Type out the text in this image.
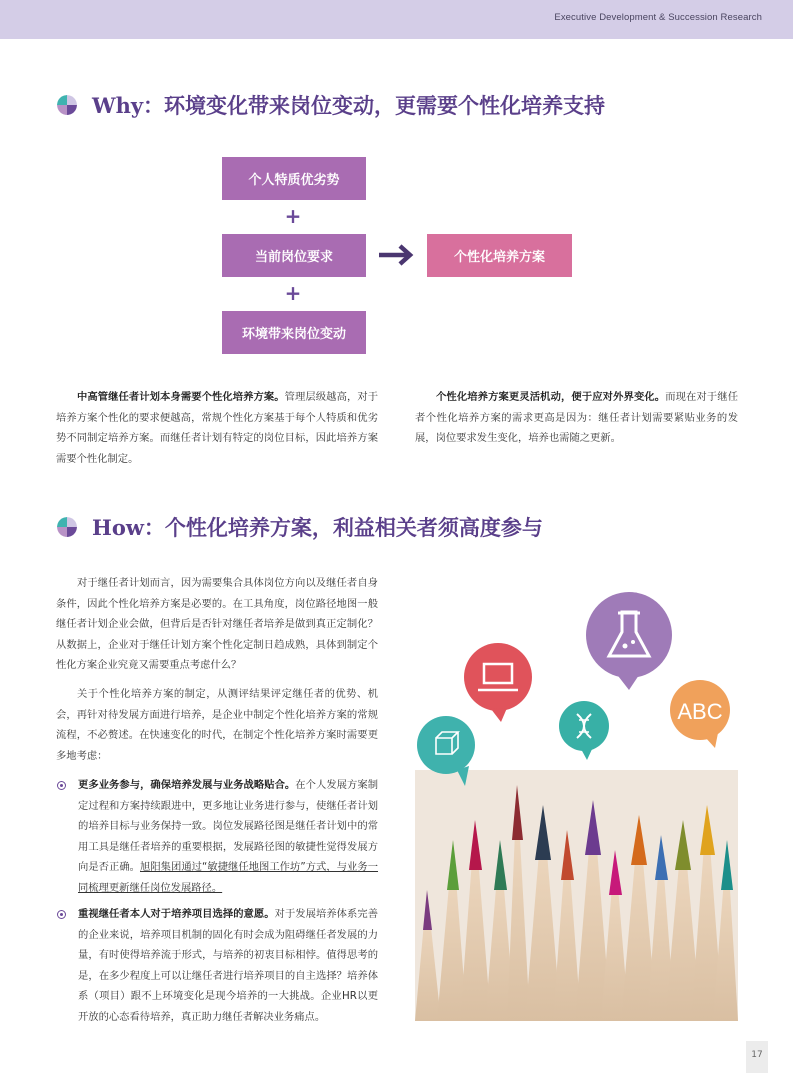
Executive Development & Succession Research
Why：环境变化带来岗位变动，更需要个性化培养支持
个人特质优劣势
+
当前岗位要求
+
环境带来岗位变动
个性化培养方案
中高管继任者计划本身需要个性化培养方案。管理层级越高，对于培养方案个性化的要求便越高，常规个性化方案基于每个人特质和优劣势不同制定培养方案。而继任者计划有特定的岗位目标，因此培养方案需要个性化制定。
个性化培养方案更灵活机动，便于应对外界变化。而现在对于继任者个性化培养方案的需求更高是因为：继任者计划需要紧贴业务的发展，岗位要求发生变化，培养也需随之更新。
How：个性化培养方案，利益相关者须高度参与
对于继任者计划而言，因为需要集合具体岗位方向以及继任者自身条件，因此个性化培养方案是必要的。在工具角度，岗位路径地图一般继任者计划企业会做，但背后是否针对继任者培养是做到真正定制化？从数据上，企业对于继任计划方案个性化定制日趋成熟，具体到制定个性化方案企业究竟又需要重点考虑什么？
关于个性化培养方案的制定，从测评结果评定继任者的优势、机会，再针对待发展方面进行培养，是企业中制定个性化培养方案的常规流程，不必赘述。在快速变化的时代，在制定个性化培养方案时需要更多地考虑：
更多业务参与，确保培养发展与业务战略贴合。在个人发展方案制定过程和方案持续跟进中，更多地让业务进行参与，使继任者计划的培养目标与业务保持一致。岗位发展路径图是继任者计划中的常用工具是继任者培养的重要根据，发展路径图的敏捷性觉得发展方向是否正确。旭阳集团通过“敏捷继任地图工作坊”方式，与业务一同梳理更新继任岗位发展路径。
重视继任者本人对于培养项目选择的意愿。对于发展培养体系完善的企业来说，培养项目机制的固化有时会成为阻碍继任者发展的力量，有时使得培养流于形式，与培养的初衷目标相悖。值得思考的是，在多少程度上可以让继任者进行培养项目的自主选择？培养体系（项目）跟不上环境变化是现今培养的一大挑战。企业HR以更开放的心态看待培养，真正助力继任者解决业务痛点。
ABC
17
